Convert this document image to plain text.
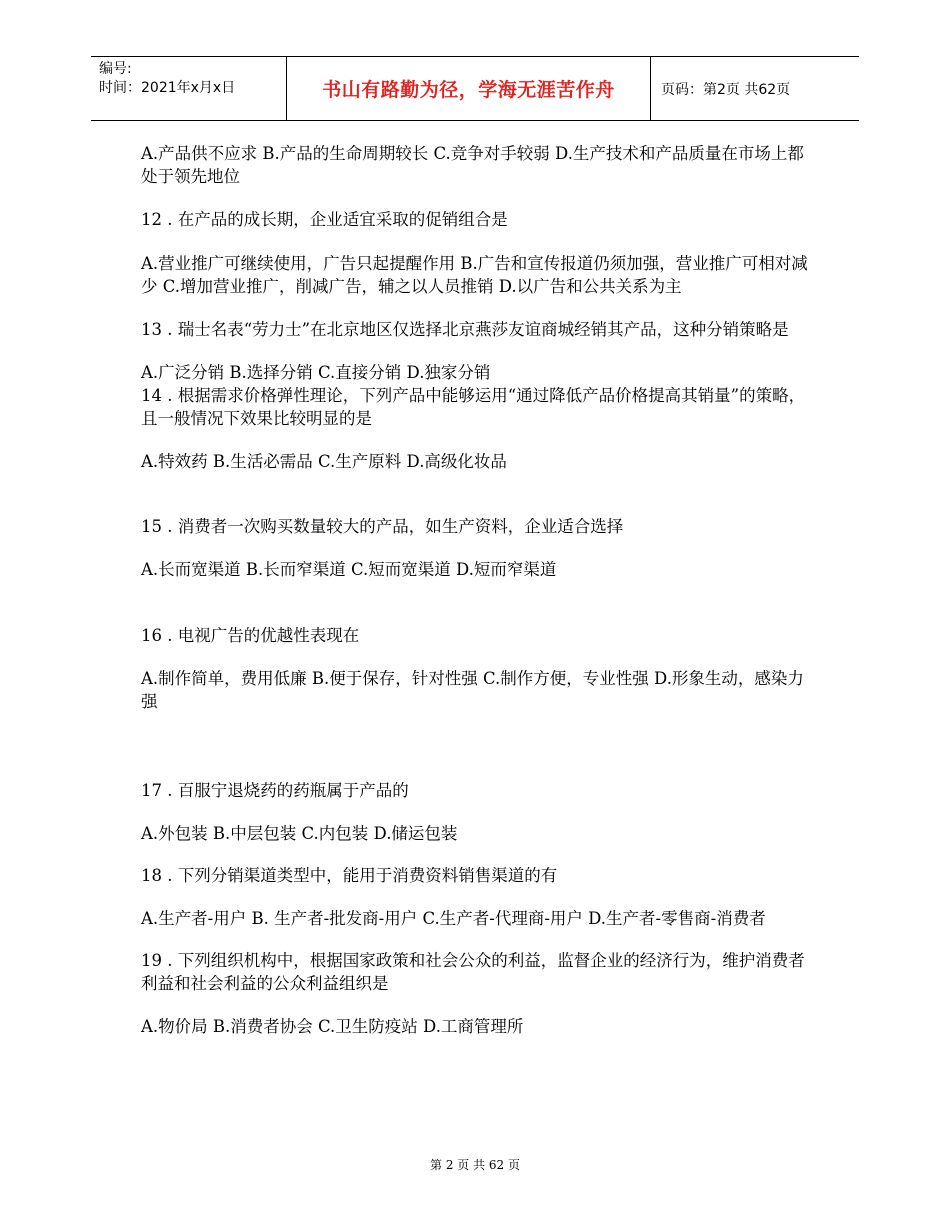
编号:
时间：2021年x月x日	书山有路勤为径，学海无涯苦作舟	页码：第2页 共62页

A.产品供不应求 B.产品的生命周期较长 C.竞争对手较弱 D.生产技术和产品质量在市场上都处于领先地位

12 . 在产品的成长期，企业适宜采取的促销组合是

A.营业推广可继续使用，广告只起提醒作用 B.广告和宣传报道仍须加强，营业推广可相对减少 C.增加营业推广，削减广告，辅之以人员推销 D.以广告和公共关系为主

13 . 瑞士名表“劳力士”在北京地区仅选择北京燕莎友谊商城经销其产品，这种分销策略是

A.广泛分销 B.选择分销 C.直接分销 D.独家分销

14 . 根据需求价格弹性理论，下列产品中能够运用“通过降低产品价格提高其销量”的策略，且一般情况下效果比较明显的是

A.特效药 B.生活必需品 C.生产原料 D.高级化妆品

15 . 消费者一次购买数量较大的产品，如生产资料，企业适合选择

A.长而宽渠道 B.长而窄渠道 C.短而宽渠道 D.短而窄渠道

16 . 电视广告的优越性表现在

A.制作简单，费用低廉 B.便于保存，针对性强 C.制作方便，专业性强 D.形象生动，感染力强

17 . 百服宁退烧药的药瓶属于产品的

A.外包装 B.中层包装 C.内包装 D.储运包装

18 . 下列分销渠道类型中，能用于消费资料销售渠道的有

A.生产者-用户 B. 生产者-批发商-用户 C.生产者-代理商-用户 D.生产者-零售商-消费者

19 . 下列组织机构中，根据国家政策和社会公众的利益，监督企业的经济行为，维护消费者利益和社会利益的公众利益组织是

A.物价局 B.消费者协会 C.卫生防疫站 D.工商管理所

第 2 页 共 62 页
